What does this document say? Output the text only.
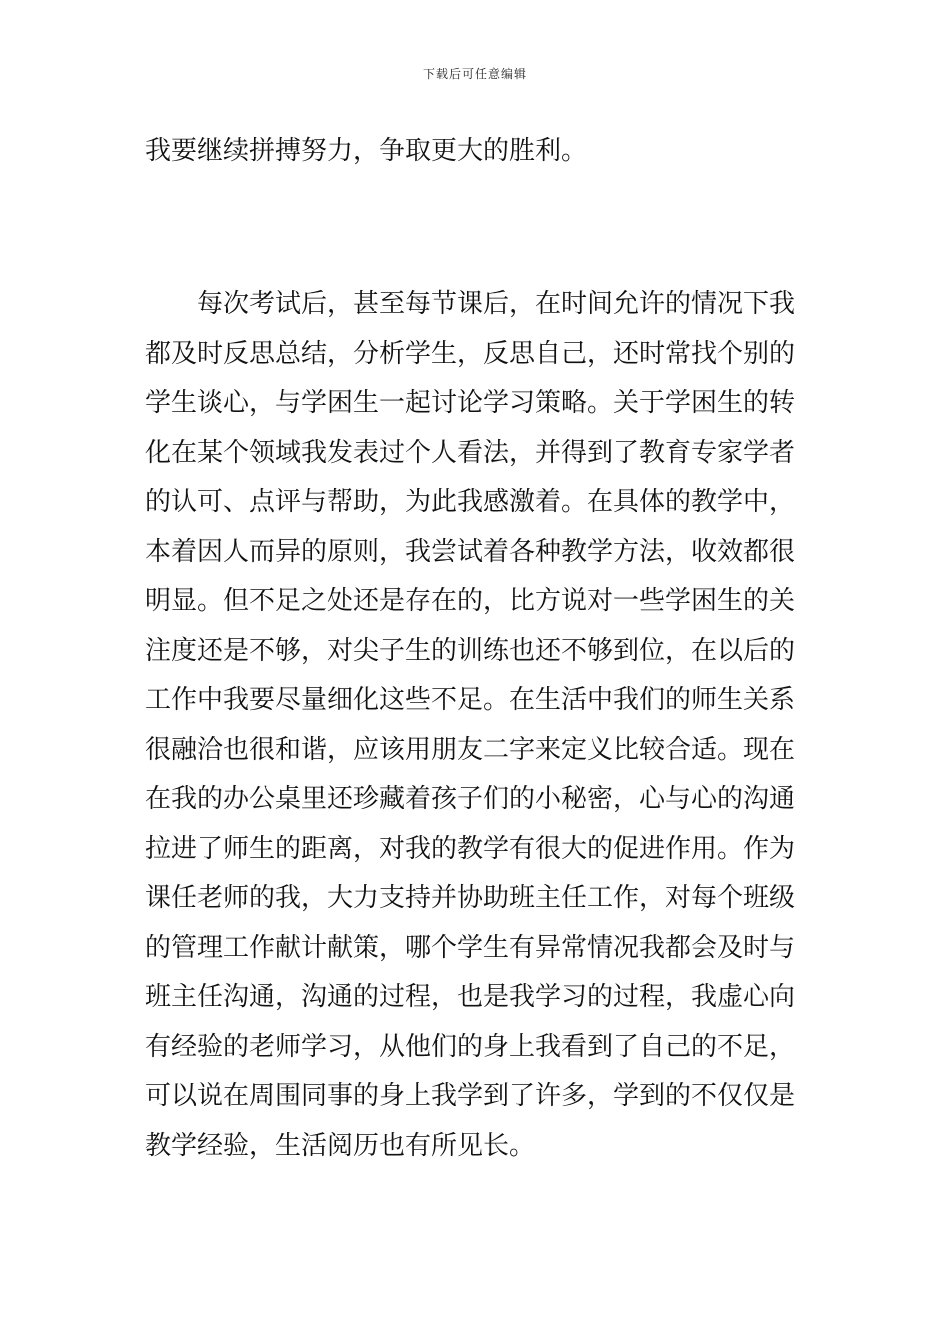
下载后可任意编辑
我要继续拼搏努力，争取更大的胜利。
每次考试后，甚至每节课后，在时间允许的情况下我
都及时反思总结，分析学生，反思自己，还时常找个别的
学生谈心，与学困生一起讨论学习策略。关于学困生的转
化在某个领域我发表过个人看法，并得到了教育专家学者
的认可、点评与帮助，为此我感激着。在具体的教学中，
本着因人而异的原则，我尝试着各种教学方法，收效都很
明显。但不足之处还是存在的，比方说对一些学困生的关
注度还是不够，对尖子生的训练也还不够到位，在以后的
工作中我要尽量细化这些不足。在生活中我们的师生关系
很融洽也很和谐，应该用朋友二字来定义比较合适。现在
在我的办公桌里还珍藏着孩子们的小秘密，心与心的沟通
拉进了师生的距离，对我的教学有很大的促进作用。作为
课任老师的我，大力支持并协助班主任工作，对每个班级
的管理工作献计献策，哪个学生有异常情况我都会及时与
班主任沟通，沟通的过程，也是我学习的过程，我虚心向
有经验的老师学习，从他们的身上我看到了自己的不足，
可以说在周围同事的身上我学到了许多，学到的不仅仅是
教学经验，生活阅历也有所见长。
